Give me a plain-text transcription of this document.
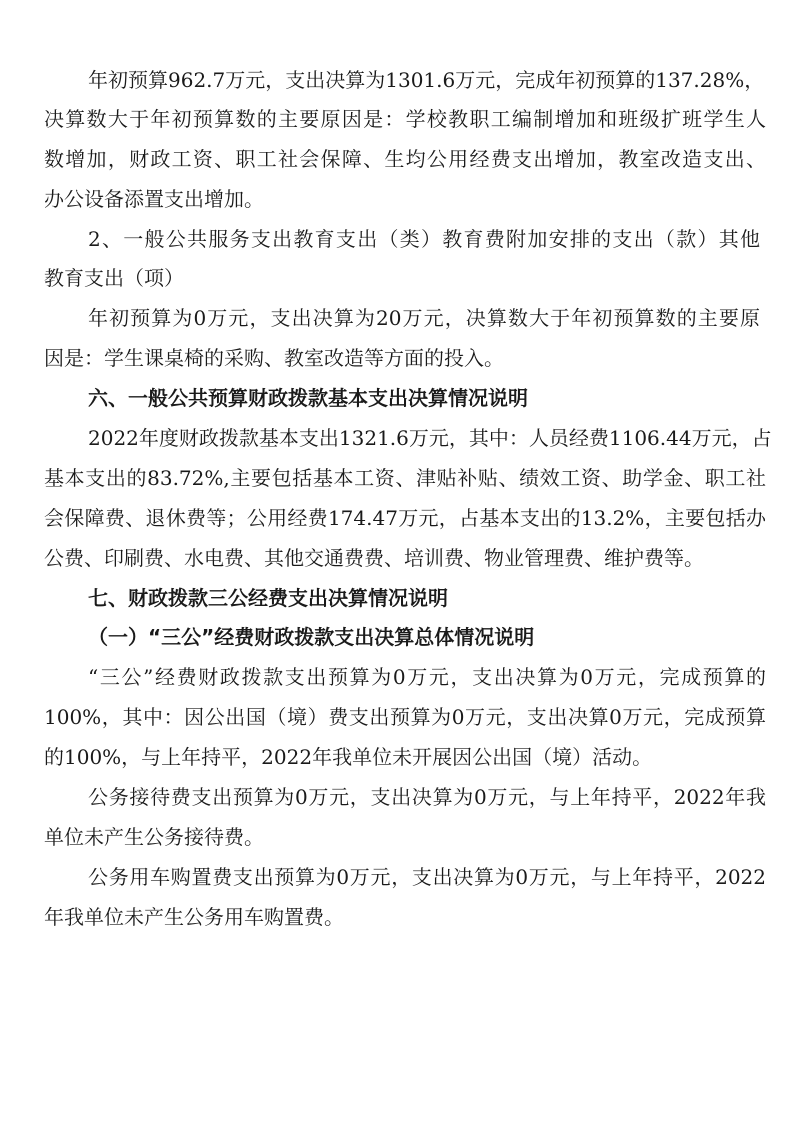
年初预算962.7万元，支出决算为1301.6万元，完成年初预算的137.28%，
决算数大于年初预算数的主要原因是：学校教职工编制增加和班级扩班学生人
数增加，财政工资、职工社会保障、生均公用经费支出增加，教室改造支出、
办公设备添置支出增加。
2、一般公共服务支出教育支出（类）教育费附加安排的支出（款）其他
教育支出（项）
年初预算为0万元，支出决算为20万元，决算数大于年初预算数的主要原
因是：学生课桌椅的采购、教室改造等方面的投入。
六、一般公共预算财政拨款基本支出决算情况说明
2022年度财政拨款基本支出1321.6万元，其中：人员经费1106.44万元，占
基本支出的83.72%,主要包括基本工资、津贴补贴、绩效工资、助学金、职工社
会保障费、退休费等；公用经费174.47万元，占基本支出的13.2%，主要包括办
公费、印刷费、水电费、其他交通费费、培训费、物业管理费、维护费等。
七、财政拨款三公经费支出决算情况说明
（一）“三公”经费财政拨款支出决算总体情况说明
“三公”经费财政拨款支出预算为0万元，支出决算为0万元，完成预算的
100%，其中：因公出国（境）费支出预算为0万元，支出决算0万元，完成预算
的100%，与上年持平，2022年我单位未开展因公出国（境）活动。
公务接待费支出预算为0万元，支出决算为0万元，与上年持平，2022年我
单位未产生公务接待费。
公务用车购置费支出预算为0万元，支出决算为0万元，与上年持平，2022
年我单位未产生公务用车购置费。
